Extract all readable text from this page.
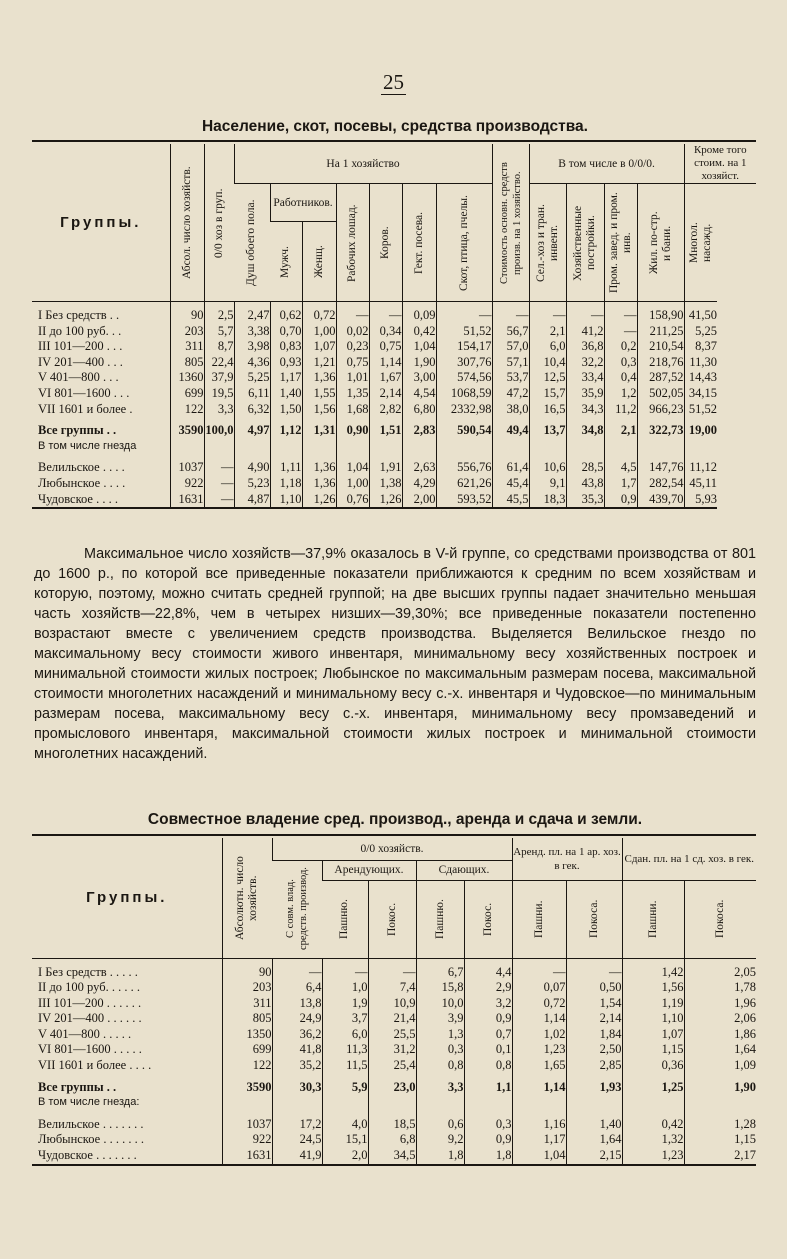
25
Население, скот, посевы, средства производства.
Группы.	Абсол. число хозяйств.	0/0 хоз в груп.	На 1 хозяйство							Стоимость основн. средств произв. на 1 хозяйство.	В том числе в 0/0/0.				Кроме того стоим. на 1 хозяйст.

			Душ обоего пола.	Работников.		Рабочих лошад.	Коров.	Гект. посева.	Скот, птица, пчелы.		Сел.-хоз и тран. инвент.	Хозяйственные постройки.	Пром. завед. и пром. инв.	Жил. по-стр. и бани.	Многол. насажд.

				Мужч.	Женщ.										

I Без средств . .	90	2,5	2,47	0,62	0,72	—	—	0,09	—	—	—	—	—	158,90	41,50
II до 100 руб. . .	203	5,7	3,38	0,70	1,00	0,02	0,34	0,42	51,52	56,7	2,1	41,2	—	211,25	5,25
III 101—200 . . .	311	8,7	3,98	0,83	1,07	0,23	0,75	1,04	154,17	57,0	6,0	36,8	0,2	210,54	8,37
IV 201—400 . . .	805	22,4	4,36	0,93	1,21	0,75	1,14	1,90	307,76	57,1	10,4	32,2	0,3	218,76	11,30
V 401—800 . . .	1360	37,9	5,25	1,17	1,36	1,01	1,67	3,00	574,56	53,7	12,5	33,4	0,4	287,52	14,43
VI 801—1600 . . .	699	19,5	6,11	1,40	1,55	1,35	2,14	4,54	1068,59	47,2	15,7	35,9	1,2	502,05	34,15
VII 1601 и более .	122	3,3	6,32	1,50	1,56	1,68	2,82	6,80	2332,98	38,0	16,5	34,3	11,2	966,23	51,52

Все группы . .	3590	100,0	4,97	1,12	1,31	0,90	1,51	2,83	590,54	49,4	13,7	34,8	2,1	322,73	19,00
В том числе гнезда															

Велильское . . . .	1037	—	4,90	1,11	1,36	1,04	1,91	2,63	556,76	61,4	10,6	28,5	4,5	147,76	11,12
Любынское . . . .	922	—	5,23	1,18	1,36	1,00	1,38	4,29	621,26	45,4	9,1	43,8	1,7	282,54	45,11
Чудовское . . . .	1631	—	4,87	1,10	1,26	0,76	1,26	2,00	593,52	45,5	18,3	35,3	0,9	439,70	5,93

Максимальное число хозяйств—37,9% оказалось в V-й группе, со средствами производства от 801 до 1600 р., по которой все приведенные показатели приближаются к средним по всем хозяйствам и которую, поэтому, можно считать средней группой; на две высших группы падает значительно меньшая часть хозяйств—22,8%, чем в четырех низших—39,30%; все приведенные показатели постепенно возрастают вместе с увеличением средств производства. Выделяется Велильское гнездо по максимальному весу стоимости живого инвентаря, минимальному весу хозяйственных построек и минимальной стоимости жилых построек; Любынское по максимальным размерам посева, максимальной стоимости многолетних насаждений и минимальному весу с.-х. инвентаря и Чудовское—по минимальным размерам посева, максимальному весу с.-х. инвентаря, минимальному весу промзаведений и промыслового инвентаря, максимальной стоимости жилых построек и минимальной стоимости многолетних насаждений.

Совместное владение сред. производ., аренда и сдача и земли.
Группы.	Абсолютн. число хозяйств.	0/0 хозяйств.					Аренд. пл. на 1 ар. хоз. в гек.		Сдан. пл. на 1 сд. хоз. в гек.	

		С совм. влад. средств. производ.	Арендующих.		Сдающих.					

			Пашню.	Покос.	Пашню.	Покос.	Пашни.	Покоса.	Пашни.	Покоса.

I Без средств . . . . .	90	—	—	—	6,7	4,4	—	—	1,42	2,05
II до 100 руб. . . . . .	203	6,4	1,0	7,4	15,8	2,9	0,07	0,50	1,56	1,78
III 101—200 . . . . . .	311	13,8	1,9	10,9	10,0	3,2	0,72	1,54	1,19	1,96
IV 201—400 . . . . . .	805	24,9	3,7	21,4	3,9	0,9	1,14	2,14	1,10	2,06
V 401—800 . . . . .	1350	36,2	6,0	25,5	1,3	0,7	1,02	1,84	1,07	1,86
VI 801—1600 . . . . .	699	41,8	11,3	31,2	0,3	0,1	1,23	2,50	1,15	1,64
VII 1601 и более . . . .	122	35,2	11,5	25,4	0,8	0,8	1,65	2,85	0,36	1,09

Все группы . .	3590	30,3	5,9	23,0	3,3	1,1	1,14	1,93	1,25	1,90
В том числе гнезда:										

Велильское . . . . . . .	1037	17,2	4,0	18,5	0,6	0,3	1,16	1,40	0,42	1,28
Любынское . . . . . . .	922	24,5	15,1	6,8	9,2	0,9	1,17	1,64	1,32	1,15
Чудовское . . . . . . .	1631	41,9	2,0	34,5	1,8	1,8	1,04	2,15	1,23	2,17
